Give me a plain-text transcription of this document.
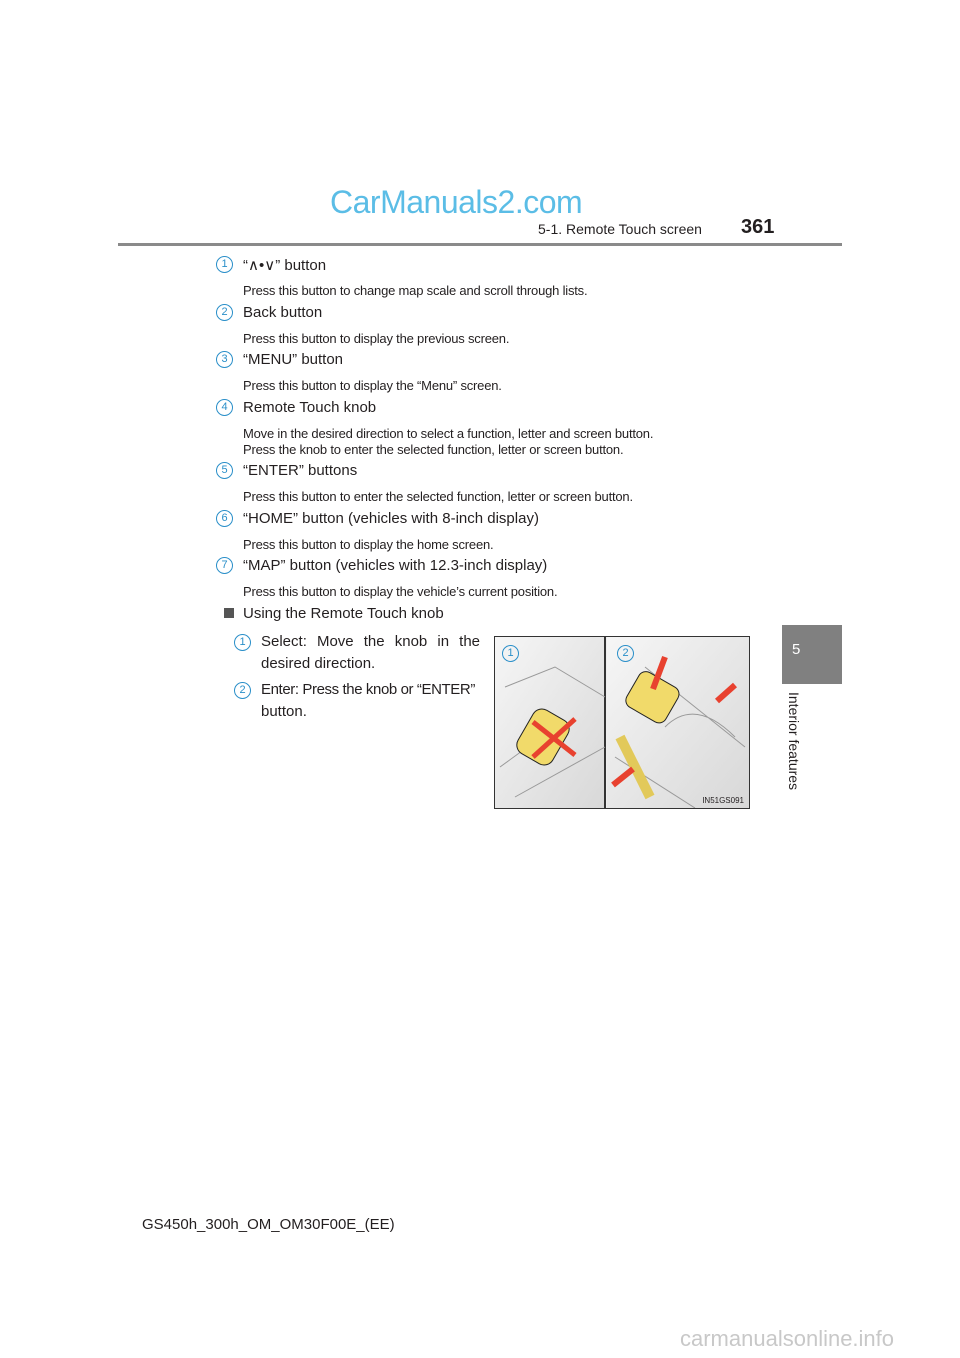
CarManuals2.com
5-1. Remote Touch screen 361
1	“∧•∨” button
Press this button to change map scale and scroll through lists.
2	Back button
Press this button to display the previous screen.
3	“MENU” button
Press this button to display the “Menu” screen.
4	Remote Touch knob
Move in the desired direction to select a function, letter and screen button.
Press the knob to enter the selected function, letter or screen button.
5	“ENTER” buttons
Press this button to enter the selected function, letter or screen button.
6	“HOME” button (vehicles with 8-inch display)
Press this button to display the home screen.
7	“MAP” button (vehicles with 12.3-inch display)
Press this button to display the vehicle’s current position.
Using the Remote Touch knob
1	Select: Move the knob in the
desired direction.
2	Enter: Press the knob or “ENTER”
button.
1	2
IN51GS091
5
Interior features
GS450h_300h_OM_OM30F00E_(EE)
carmanualsonline.info
